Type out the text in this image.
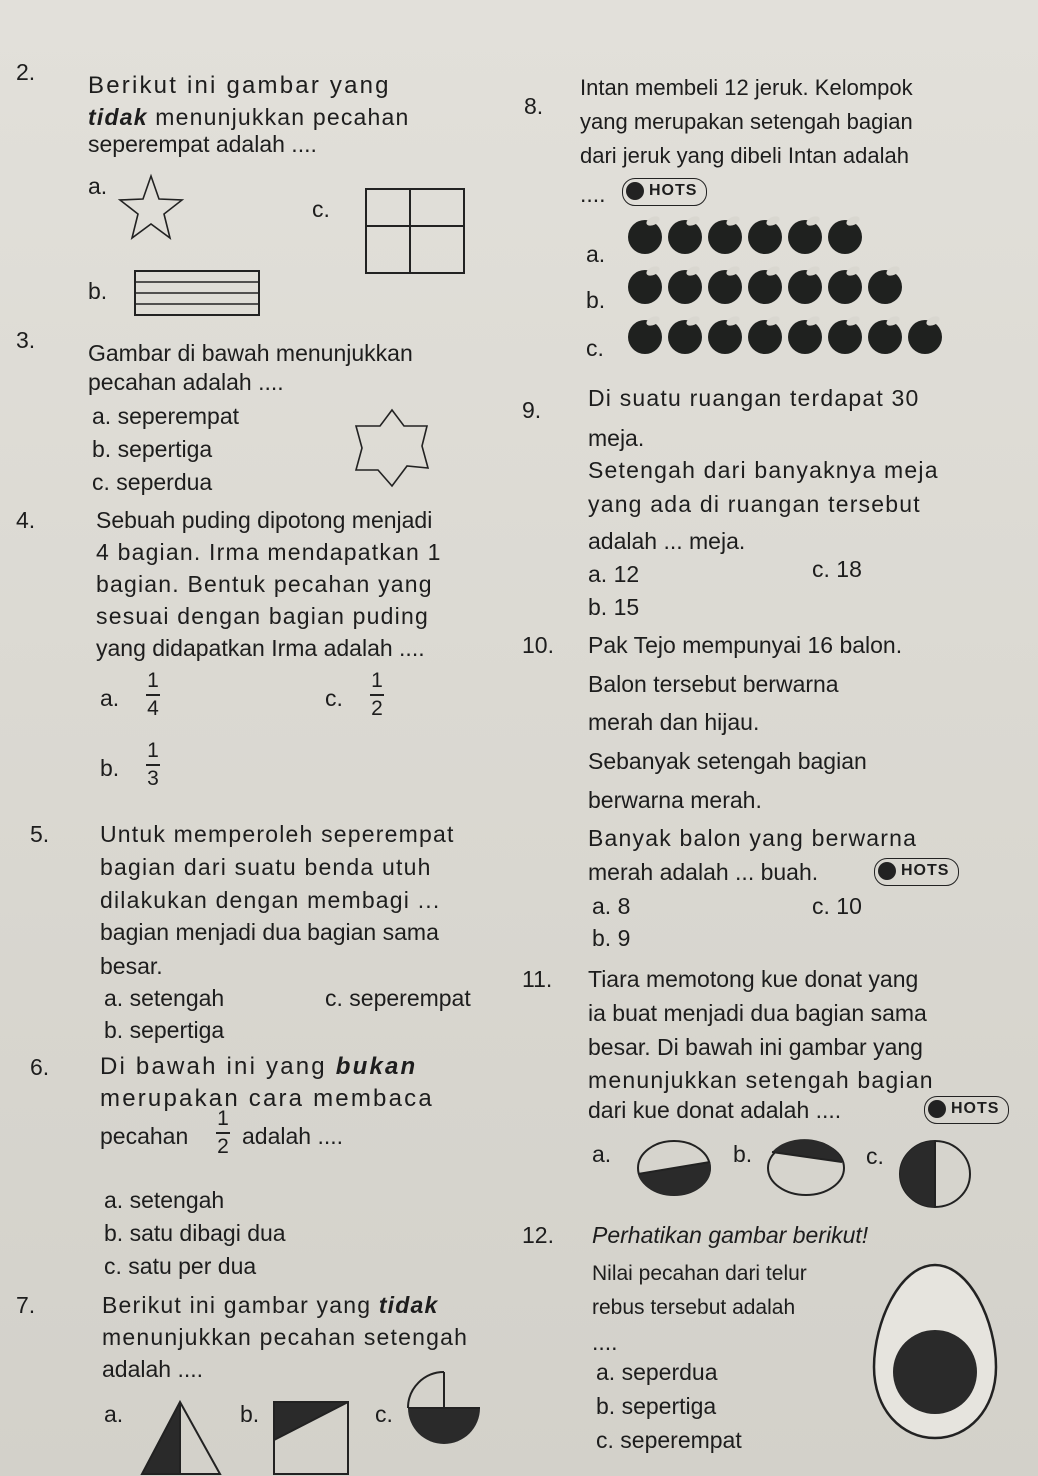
2. Berikut ini gambar yang
tidak menunjukkan pecahan
seperempat adalah ....
a.
c.
b.
3. Gambar di bawah menunjukkan
pecahan adalah ....
a. seperempat
b. sepertiga
c. seperdua
4.	Sebuah puding dipotong menjadi
4 bagian. Irma mendapatkan 1
bagian. Bentuk pecahan yang
sesuai dengan bagian puding
yang didapatkan Irma adalah ....
a.
1
4	c.
1
2
b.
1
3
5. Untuk memperoleh seperempat
bagian dari suatu benda utuh
dilakukan dengan membagi ...
bagian menjadi dua bagian sama
besar.
a. setengah	c. seperempat
b. sepertiga
6. Di bawah ini yang bukan
merupakan cara membaca
pecahan
1
2 adalah ....
a. setengah
b. satu dibagi dua
c. satu per dua
7.	Berikut ini gambar yang tidak
menunjukkan pecahan setengah
adalah ....
a.	b.	c.
8.
Intan membeli 12 jeruk. Kelompok
yang merupakan setengah bagian
dari jeruk yang dibeli Intan adalah
....	HOTS
a.
b.
c.
9. Di suatu ruangan terdapat 30
meja.
Setengah dari banyaknya meja
yang ada di ruangan tersebut
adalah ... meja.
a. 12	c. 18
b. 15
10. Pak Tejo mempunyai 16 balon.
Balon tersebut berwarna
merah dan hijau.
Sebanyak setengah bagian
berwarna merah.
Banyak balon yang berwarna
merah adalah ... buah.	HOTS
a. 8	c. 10
b. 9
11. Tiara memotong kue donat yang
ia buat menjadi dua bagian sama
besar. Di bawah ini gambar yang
menunjukkan setengah bagian
dari kue donat adalah ....	HOTS
a.	b.	c.
12. Perhatikan gambar berikut!
Nilai pecahan dari telur
rebus tersebut adalah
....
a. seperdua
b. sepertiga
c. seperempat
